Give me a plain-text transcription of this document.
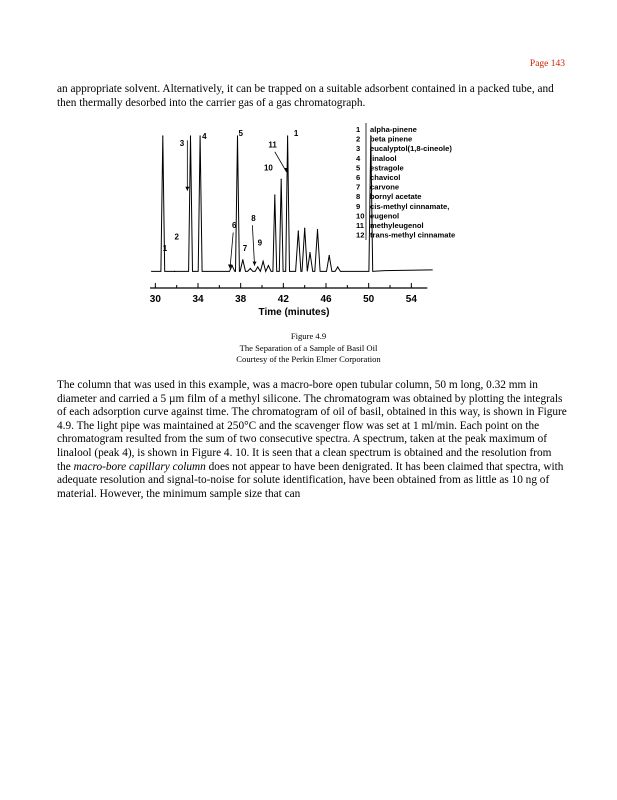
Page 143

an appropriate solvent. Alternatively, it can be trapped on a suitable adsorbent contained in a packed tube, and then thermally desorbed into the carrier gas of a gas chromatograph.

30	34	38	42	46	50	54
Time (minutes)
1
2
3
4	5
6
7
8
9
10
11
1	1 alpha-pinene
2 beta pinene
3 eucalyptol(1,8-cineole)
4 linalool
5 estragole
6 chavicol
7 carvone
8 bornyl acetate
9 cis-methyl cinnamate,
10 eugenol
11 methyleugenol
12 trans-methyl cinnamate
Figure 4.9
The Separation of a Sample of Basil Oil
Courtesy of the Perkin Elmer Corporation

The column that was used in this example, was a macro-bore open tubular column, 50 m long, 0.32 mm in diameter and carried a 5 µm film of a methyl silicone. The chromatogram was obtained by plotting the integrals of each adsorption curve against time. The chromatogram of oil of basil, obtained in this way, is shown in Figure 4.9. The light pipe was maintained at 250°C and the scavenger flow was set at 1 ml/min. Each point on the chromatogram resulted from the sum of two consecutive spectra. A spectrum, taken at the peak maximum of linalool (peak 4), is shown in Figure 4. 10. It is seen that a clean spectrum is obtained and the resolution from the macro-bore capillary column does not appear to have been denigrated. It has been claimed that spectra, with adequate resolution and signal-to-noise for solute identification, have been obtained from as little as 10 ng of material. However, the minimum sample size that can
